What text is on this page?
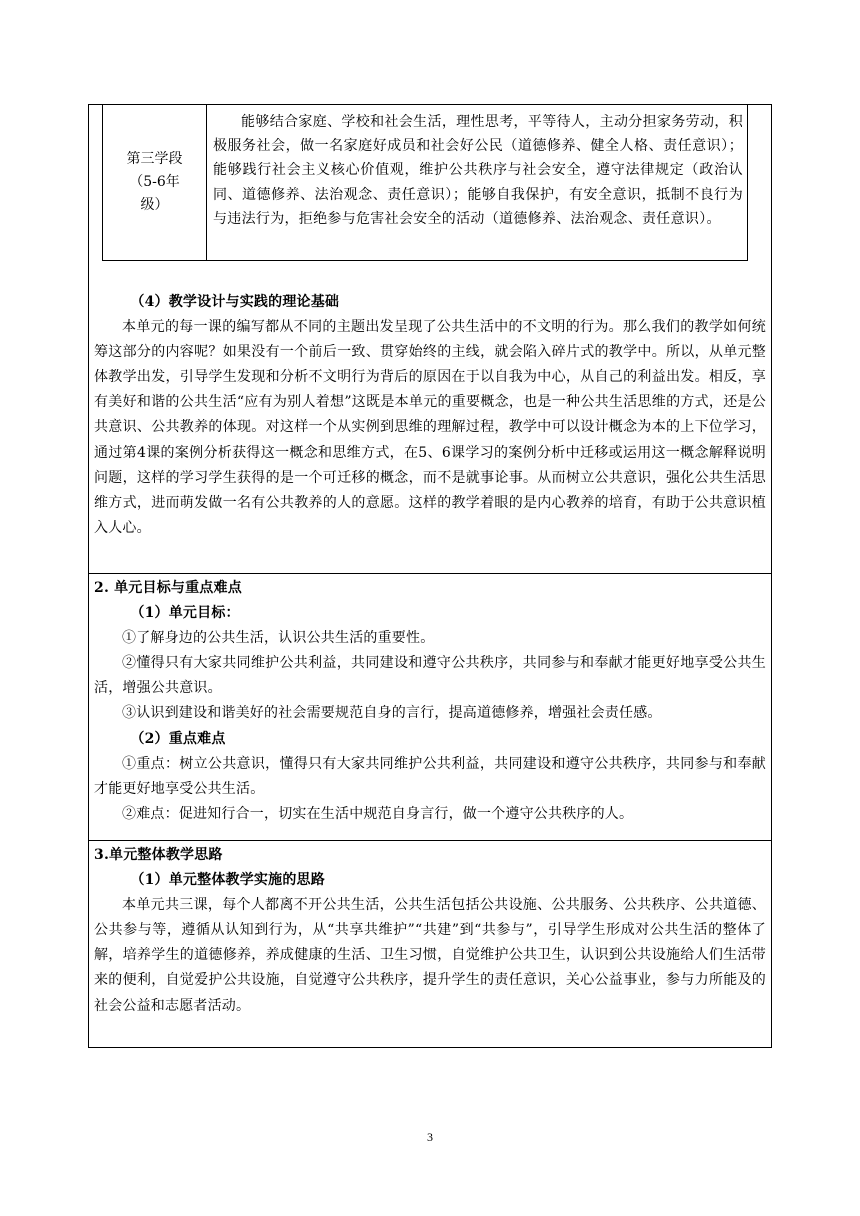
第三学段
（5-6年
级）
能够结合家庭、学校和社会生活，理性思考，平等待人，主动分担家务劳动，积极服务社会，做一名家庭好成员和社会好公民（道德修养、健全人格、责任意识）；能够践行社会主义核心价值观，维护公共秩序与社会安全，遵守法律规定（政治认同、道德修养、法治观念、责任意识）；能够自我保护，有安全意识，抵制不良行为与违法行为，拒绝参与危害社会安全的活动（道德修养、法治观念、责任意识）。
（4）教学设计与实践的理论基础
本单元的每一课的编写都从不同的主题出发呈现了公共生活中的不文明的行为。那么我们的教学如何统筹这部分的内容呢？如果没有一个前后一致、贯穿始终的主线，就会陷入碎片式的教学中。所以，从单元整体教学出发，引导学生发现和分析不文明行为背后的原因在于以自我为中心，从自己的利益出发。相反，享有美好和谐的公共生活“应有为别人着想”这既是本单元的重要概念，也是一种公共生活思维的方式，还是公共意识、公共教养的体现。对这样一个从实例到思维的理解过程，教学中可以设计概念为本的上下位学习，通过第4课的案例分析获得这一概念和思维方式，在5、6课学习的案例分析中迁移或运用这一概念解释说明问题，这样的学习学生获得的是一个可迁移的概念，而不是就事论事。从而树立公共意识，强化公共生活思维方式，进而萌发做一名有公共教养的人的意愿。这样的教学着眼的是内心教养的培育，有助于公共意识植入人心。
2. 单元目标与重点难点
（1）单元目标：
①了解身边的公共生活，认识公共生活的重要性。
②懂得只有大家共同维护公共利益，共同建设和遵守公共秩序，共同参与和奉献才能更好地享受公共生活，增强公共意识。
③认识到建设和谐美好的社会需要规范自身的言行，提高道德修养，增强社会责任感。
（2）重点难点
①重点：树立公共意识，懂得只有大家共同维护公共利益，共同建设和遵守公共秩序，共同参与和奉献才能更好地享受公共生活。
②难点：促进知行合一，切实在生活中规范自身言行，做一个遵守公共秩序的人。
3.单元整体教学思路
（1）单元整体教学实施的思路
本单元共三课，每个人都离不开公共生活，公共生活包括公共设施、公共服务、公共秩序、公共道德、公共参与等，遵循从认知到行为，从“共享共维护”“共建”到“共参与”，引导学生形成对公共生活的整体了解，培养学生的道德修养，养成健康的生活、卫生习惯，自觉维护公共卫生，认识到公共设施给人们生活带来的便利，自觉爱护公共设施，自觉遵守公共秩序，提升学生的责任意识，关心公益事业，参与力所能及的社会公益和志愿者活动。
3
